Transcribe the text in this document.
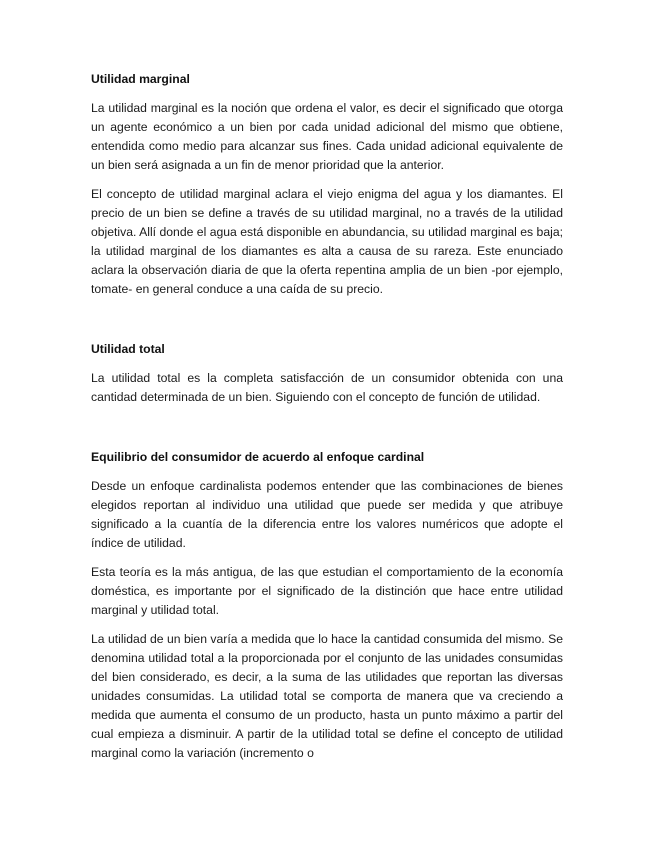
Utilidad marginal

La utilidad marginal es la noción que ordena el valor, es decir el significado que otorga un agente económico a un bien por cada unidad adicional del mismo que obtiene, entendida como medio para alcanzar sus fines. Cada unidad adicional equivalente de un bien será asignada a un fin de menor prioridad que la anterior.

El concepto de utilidad marginal aclara el viejo enigma del agua y los diamantes. El precio de un bien se define a través de su utilidad marginal, no a través de la utilidad objetiva. Allí donde el agua está disponible en abundancia, su utilidad marginal es baja; la utilidad marginal de los diamantes es alta a causa de su rareza. Este enunciado aclara la observación diaria de que la oferta repentina amplia de un bien -por ejemplo, tomate- en general conduce a una caída de su precio.

Utilidad total

La utilidad total es la completa satisfacción de un consumidor obtenida con una cantidad determinada de un bien. Siguiendo con el concepto de función de utilidad.

Equilibrio del consumidor de acuerdo al enfoque cardinal

Desde un enfoque cardinalista podemos entender que las combinaciones de bienes elegidos reportan al individuo una utilidad que puede ser medida y que atribuye significado a la cuantía de la diferencia entre los valores numéricos que adopte el índice de utilidad.

Esta teoría es la más antigua, de las que estudian el comportamiento de la economía doméstica, es importante por el significado de la distinción que hace entre utilidad marginal y utilidad total.

La utilidad de un bien varía a medida que lo hace la cantidad consumida del mismo. Se denomina utilidad total a la proporcionada por el conjunto de las unidades consumidas del bien considerado, es decir, a la suma de las utilidades que reportan las diversas unidades consumidas. La utilidad total se comporta de manera que va creciendo a medida que aumenta el consumo de un producto, hasta un punto máximo a partir del cual empieza a disminuir. A partir de la utilidad total se define el concepto de utilidad marginal como la variación (incremento o
